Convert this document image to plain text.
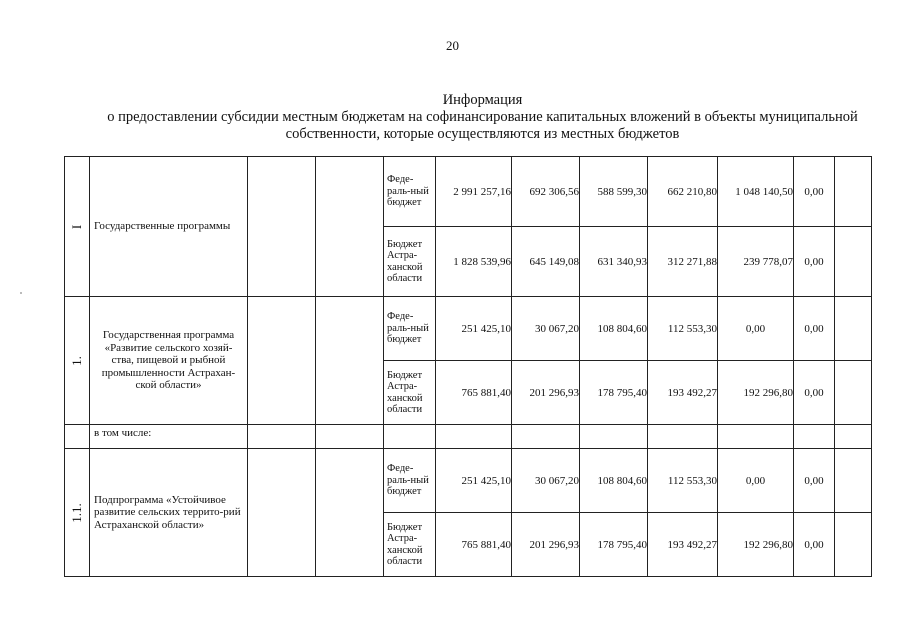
20
Информация
о предоставлении субсидии местным бюджетам на софинансирование капитальных вложений в объекты муниципальной
собственности, которые осуществляются из местных бюджетов
I	Государственные программы			Феде-раль-ный бюджет	2 991 257,16	692 306,56	588 599,30	662 210,80	1 048 140,50	0,00	
				Бюджет Астра-ханской области	1 828 539,96	645 149,08	631 340,93	312 271,88	239 778,07	0,00	
1.	Государственная программа «Развитие сельского хозяй-ства, пищевой и рыбной промышленности Астрахан-ской области»			Феде-раль-ный бюджет	251 425,10	30 067,20	108 804,60	112 553,30	0,00	0,00	
				Бюджет Астра-ханской области	765 881,40	201 296,93	178 795,40	193 492,27	192 296,80	0,00	
	в том числе:										
1.1.	Подпрограмма «Устойчивое развитие сельских террито-рий Астраханской области»			Феде-раль-ный бюджет	251 425,10	30 067,20	108 804,60	112 553,30	0,00	0,00	
				Бюджет Астра-ханской области	765 881,40	201 296,93	178 795,40	193 492,27	192 296,80	0,00	
